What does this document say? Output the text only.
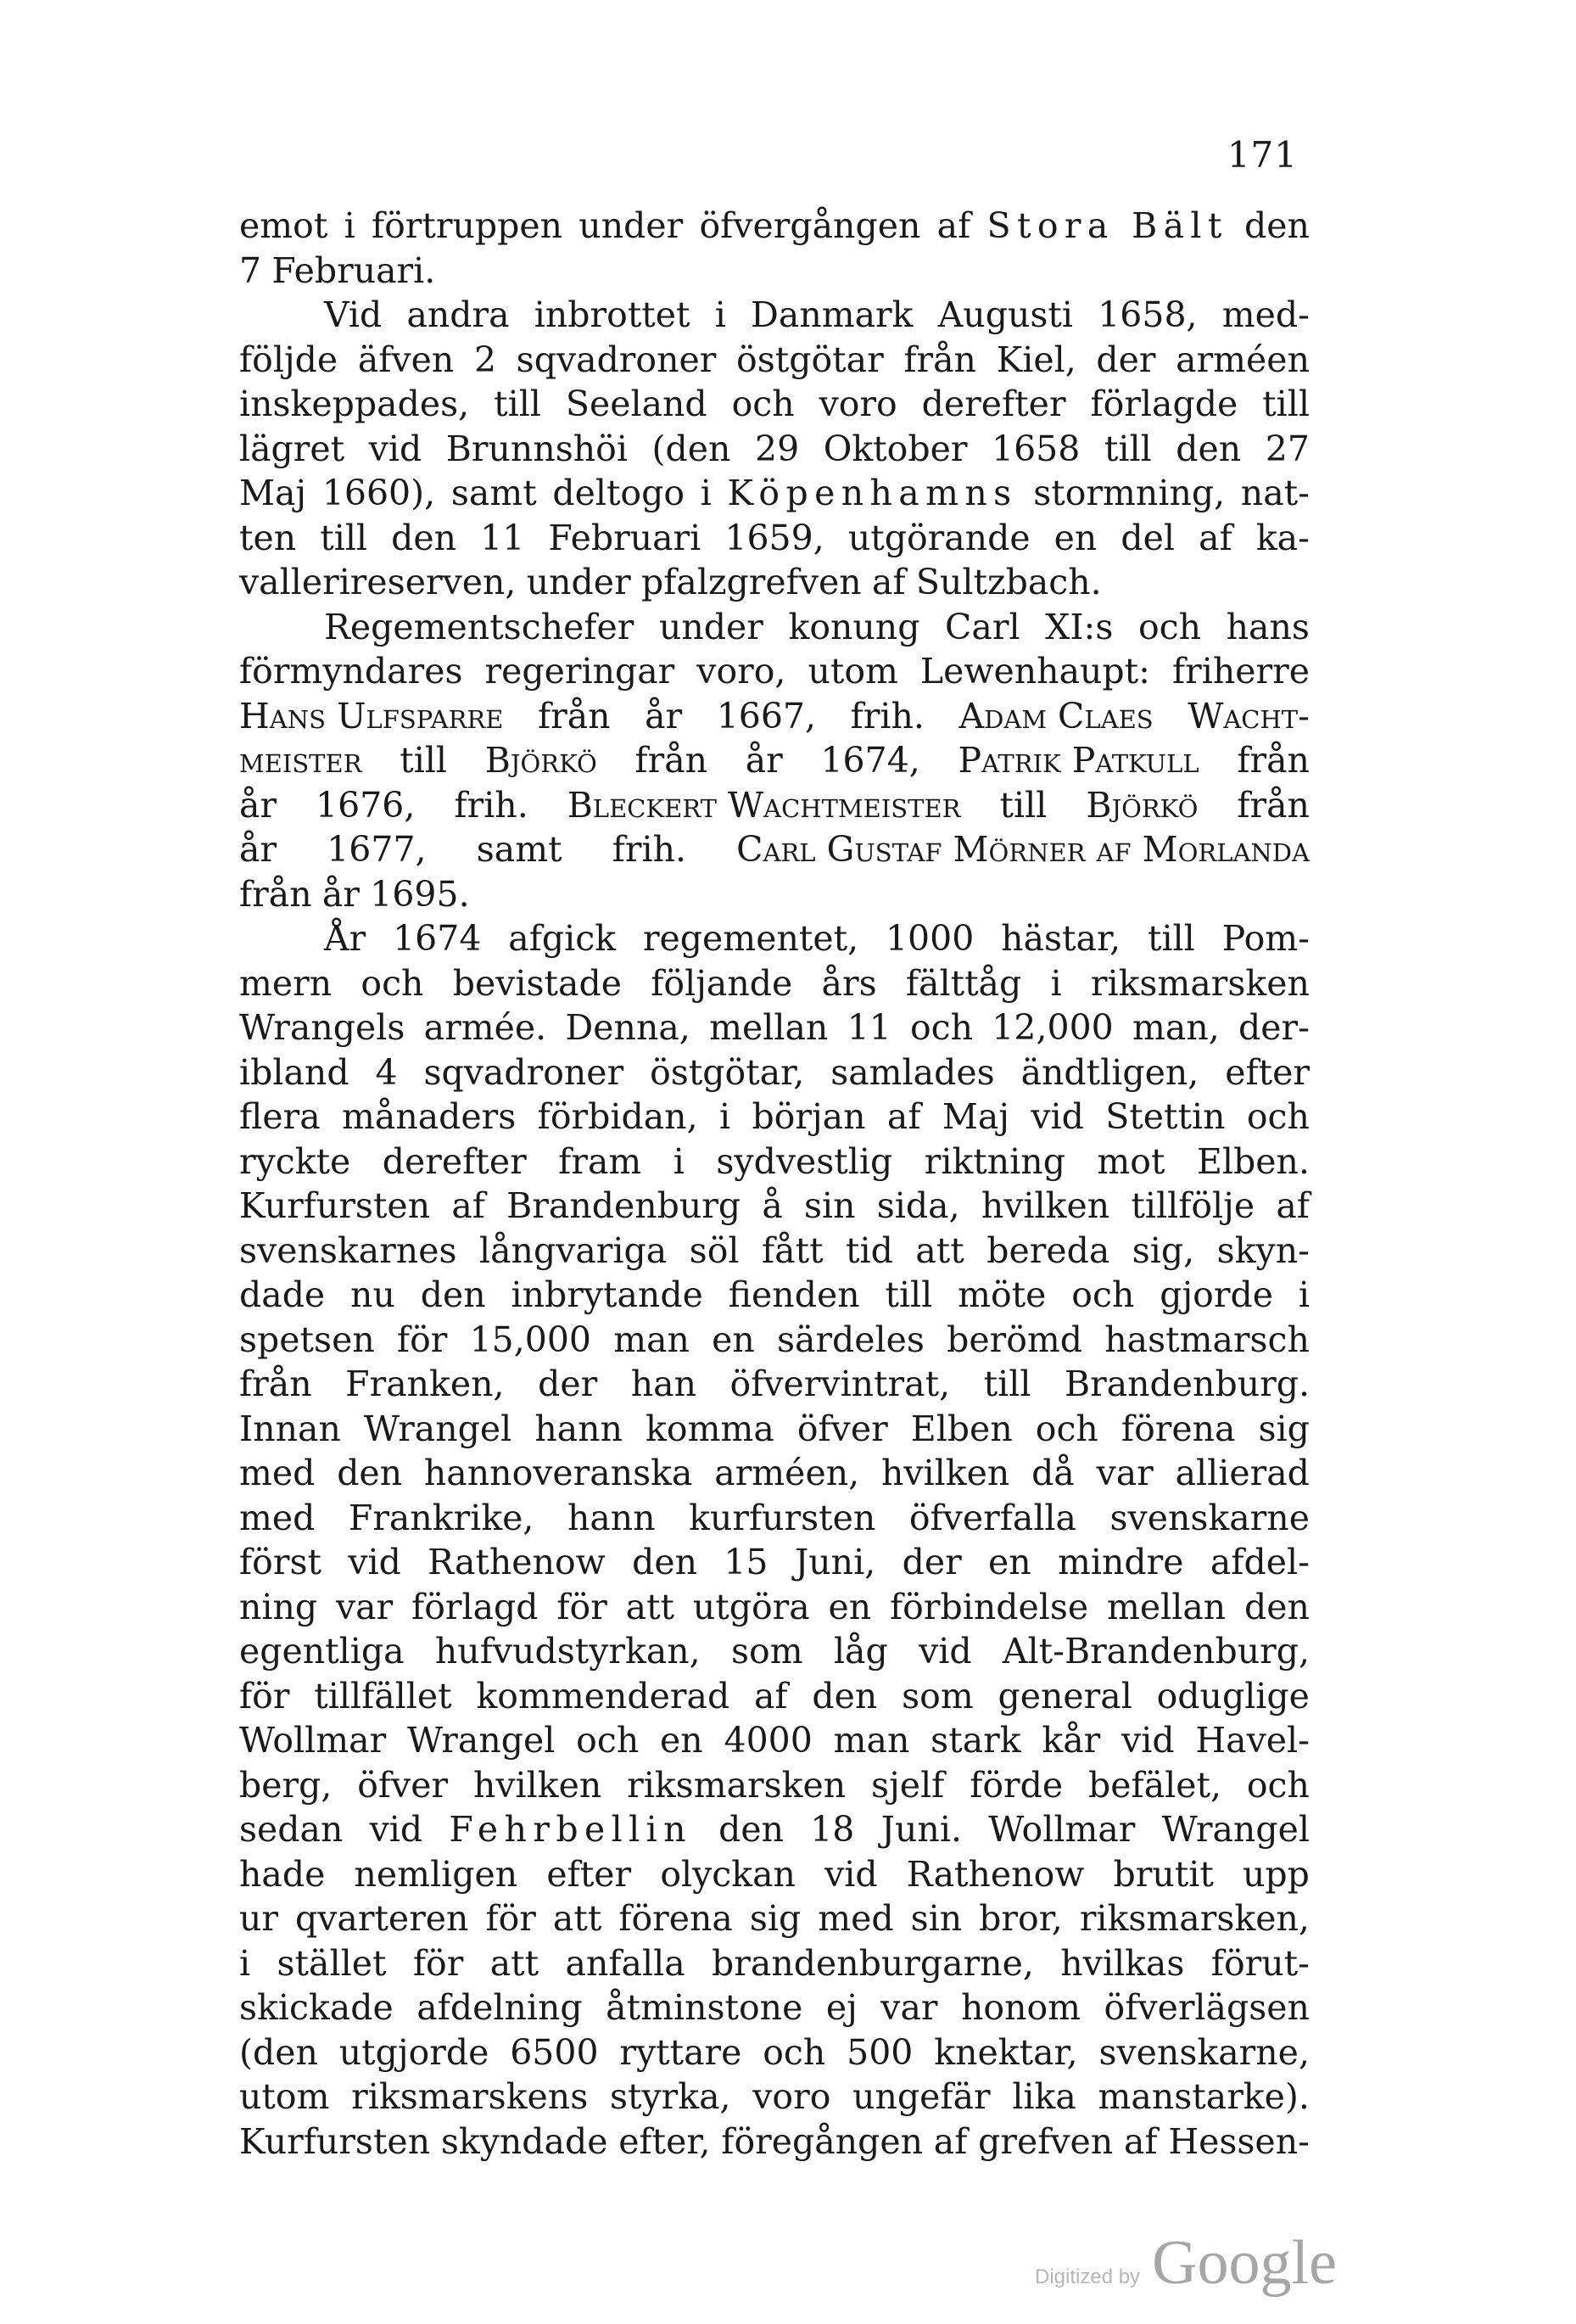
171
emot i förtruppen under öfvergången af Stora Bält den
7 Februari.
Vid andra inbrottet i Danmark Augusti 1658, med-
följde äfven 2 sqvadroner östgötar från Kiel, der arméen
inskeppades, till Seeland och voro derefter förlagde till
lägret vid Brunnshöi (den 29 Oktober 1658 till den 27
Maj 1660), samt deltogo i Köpenhamns stormning, nat-
ten till den 11 Februari 1659, utgörande en del af ka-
vallerireserven, under pfalzgrefven af Sultzbach.
Regementschefer under konung Carl XI:s och hans
förmyndares regeringar voro, utom Lewenhaupt: friherre
Hans Ulfsparre från år 1667, frih. Adam Claes Wacht-
meister till Björkö från år 1674, Patrik Patkull från
år 1676, frih. Bleckert Wachtmeister till Björkö från
år 1677, samt frih. Carl Gustaf Mörner af Morlanda
från år 1695.
År 1674 afgick regementet, 1000 hästar, till Pom-
mern och bevistade följande års fälttåg i riksmarsken
Wrangels armée. Denna, mellan 11 och 12,000 man, der-
ibland 4 sqvadroner östgötar, samlades ändtligen, efter
flera månaders förbidan, i början af Maj vid Stettin och
ryckte derefter fram i sydvestlig riktning mot Elben.
Kurfursten af Brandenburg å sin sida, hvilken tillfölje af
svenskarnes långvariga söl fått tid att bereda sig, skyn-
dade nu den inbrytande fienden till möte och gjorde i
spetsen för 15,000 man en särdeles berömd hastmarsch
från Franken, der han öfvervintrat, till Brandenburg.
Innan Wrangel hann komma öfver Elben och förena sig
med den hannoveranska arméen, hvilken då var allierad
med Frankrike, hann kurfursten öfverfalla svenskarne
först vid Rathenow den 15 Juni, der en mindre afdel-
ning var förlagd för att utgöra en förbindelse mellan den
egentliga hufvudstyrkan, som låg vid Alt-Brandenburg,
för tillfället kommenderad af den som general oduglige
Wollmar Wrangel och en 4000 man stark kår vid Havel-
berg, öfver hvilken riksmarsken sjelf förde befälet, och
sedan vid Fehrbellin den 18 Juni. Wollmar Wrangel
hade nemligen efter olyckan vid Rathenow brutit upp
ur qvarteren för att förena sig med sin bror, riksmarsken,
i stället för att anfalla brandenburgarne, hvilkas förut-
skickade afdelning åtminstone ej var honom öfverlägsen
(den utgjorde 6500 ryttare och 500 knektar, svenskarne,
utom riksmarskens styrka, voro ungefär lika manstarke).
Kurfursten skyndade efter, föregången af grefven af Hessen-
Digitized by Google
